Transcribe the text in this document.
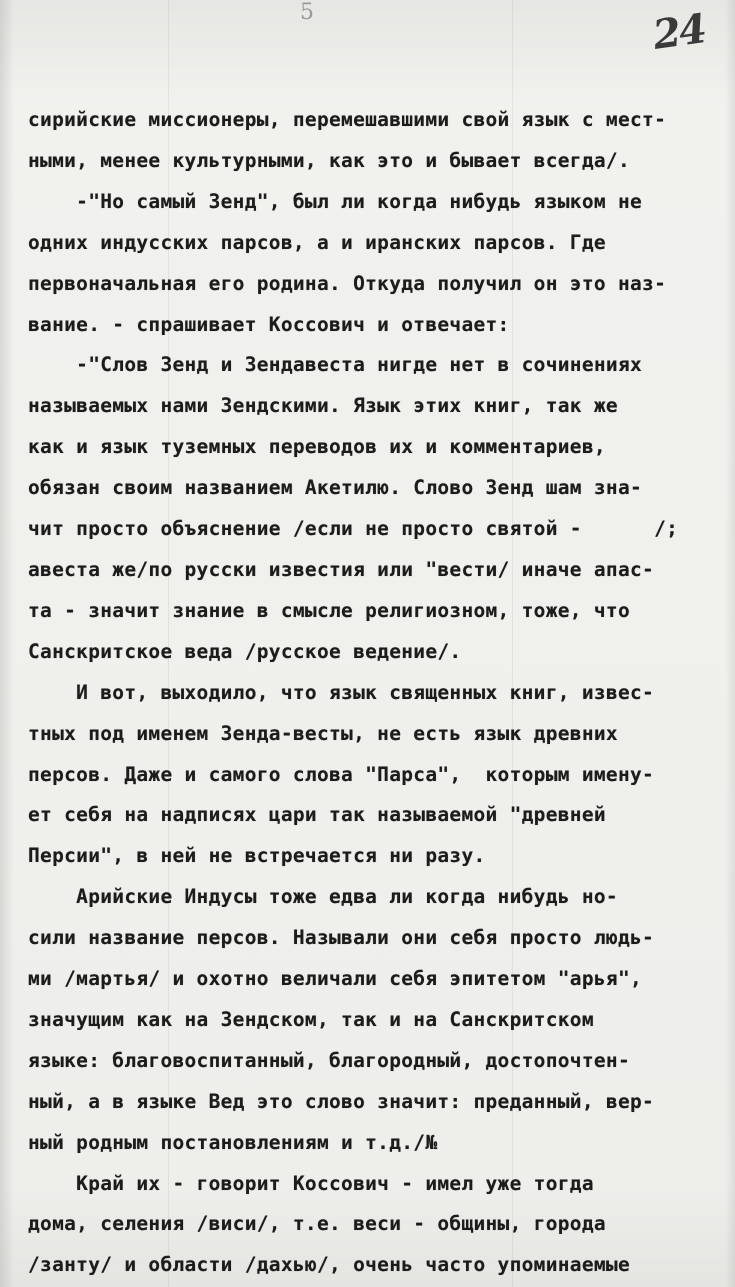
5	24
сирийские миссионеры, перемешавшими свой язык с мест-
ными, менее культурными, как это и бывает всегда/.
-"Но самый Зенд", был ли когда нибудь языком не
одних индусских парсов, а и иранских парсов. Где
первоначальная его родина. Откуда получил он это наз-
вание. - спрашивает Коссович и отвечает:
-"Слов Зенд и Зендавеста нигде нет в сочинениях
называемых нами Зендскими. Язык этих книг, так же
как и язык туземных переводов их и комментариев,
обязан своим названием Акетилю. Слово Зенд шам зна-
чит просто объяснение /если не просто святой -      /;
авеста же/по русски известия или "вести/ иначе апас-
та - значит знание в смысле религиозном, тоже, что
Санскритское веда /русское ведение/.
И вот, выходило, что язык священных книг, извес-
тных под именем Зенда-весты, не есть язык древних
персов. Даже и самого слова "Парса",  которым имену-
ет себя на надписях цари так называемой "древней
Персии", в ней не встречается ни разу.
Арийские Индусы тоже едва ли когда нибудь но-
сили название персов. Называли они себя просто людь-
ми /мартья/ и охотно величали себя эпитетом "арья",
значущим как на Зендском, так и на Санскритском
языке: благовоспитанный, благородный, достопочтен-
ный, а в языке Вед это слово значит: преданный, вер-
ный родным постановлениям и т.д./№
Край их - говорит Коссович - имел уже тогда
дома, селения /виси/, т.е. веси - общины, города
/занту/ и области /дахью/, очень часто упоминаемые
